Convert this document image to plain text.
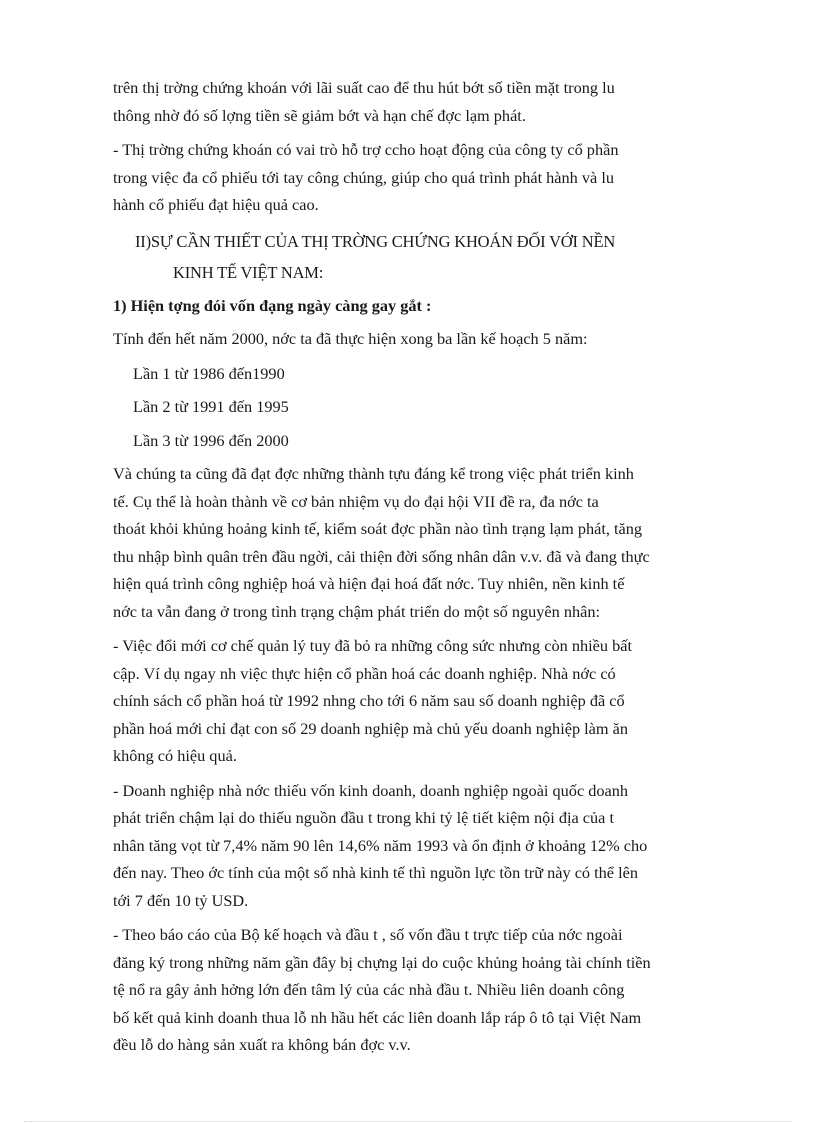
trên thị trờng chứng khoán với lãi suất cao để thu hút bớt số tiền mặt trong lu
thông nhờ đó số lợng tiền sẽ giảm bớt và hạn chế đợc lạm phát.
- Thị trờng chứng khoán có vai trò hỗ trợ ccho hoạt động của công ty cổ phần
trong việc đa cổ phiếu tới tay công chúng, giúp cho quá trình phát hành và lu
hành cổ phiếu đạt hiệu quả cao.
II)SỰ CẦN THIẾT CỦA THỊ TRỜNG CHỨNG KHOÁN ĐỐI VỚI NỀN
KINH TẾ VIỆT NAM:
1) Hiện tợng đói vốn đạng ngày càng gay gắt :
Tính đến hết năm 2000, nớc ta đã thực hiện xong ba lần kế hoạch 5 năm:
Lần 1 từ 1986 đến1990
Lần 2 từ 1991 đến 1995
Lần 3 từ 1996 đến 2000
Và chúng ta cũng đã đạt đợc những thành tựu đáng kể trong việc phát triển kinh
tế. Cụ thể là hoàn thành về cơ bản nhiệm vụ do đại hội VII đề ra, đa nớc ta
thoát khỏi khủng hoảng kinh tế, kiểm soát đợc phần nào tình trạng lạm phát, tăng
thu nhập bình quân trên đầu ngời, cải thiện đời sống nhân dân v.v. đã và đang thực
hiện quá trình công nghiệp hoá và hiện đại hoá đất nớc. Tuy nhiên, nền kinh tế
nớc ta vẫn đang ở trong tình trạng chậm phát triển do một số nguyên nhân:
- Việc đổi mới cơ chế quản lý tuy đã bỏ ra những công sức nhưng còn nhiều bất
cập. Ví dụ ngay nh việc thực hiện cổ phần hoá các doanh nghiệp. Nhà nớc có
chính sách cổ phần hoá từ 1992 nhng cho tới 6 năm sau số doanh nghiệp đã cổ
phần hoá mới chỉ đạt con số 29 doanh nghiệp mà chủ yếu doanh nghiệp làm ăn
không có hiệu quả.
- Doanh nghiệp nhà nớc thiếu vốn kinh doanh, doanh nghiệp ngoài quốc doanh
phát triển chậm lại do thiếu nguồn đầu t trong khi tỷ lệ tiết kiệm nội địa của t
nhân tăng vọt từ 7,4% năm 90 lên 14,6% năm 1993 và ổn định ở khoảng 12% cho
đến nay. Theo ớc tính của một số nhà kinh tế thì nguồn lực tồn trữ này có thể lên
tới 7 đến 10 tỷ USD.
- Theo báo cáo của Bộ kế hoạch và đầu t , số vốn đầu t trực tiếp của nớc ngoài
đăng ký trong những năm gần đây bị chựng lại do cuộc khủng hoảng tài chính tiền
tệ nổ ra gây ảnh hởng lớn đến tâm lý của các nhà đầu t. Nhiều liên doanh công
bố kết quả kinh doanh thua lỗ nh hầu hết các liên doanh lắp ráp ô tô tại Việt Nam
đều lỗ do hàng sản xuất ra không bán đợc v.v.
